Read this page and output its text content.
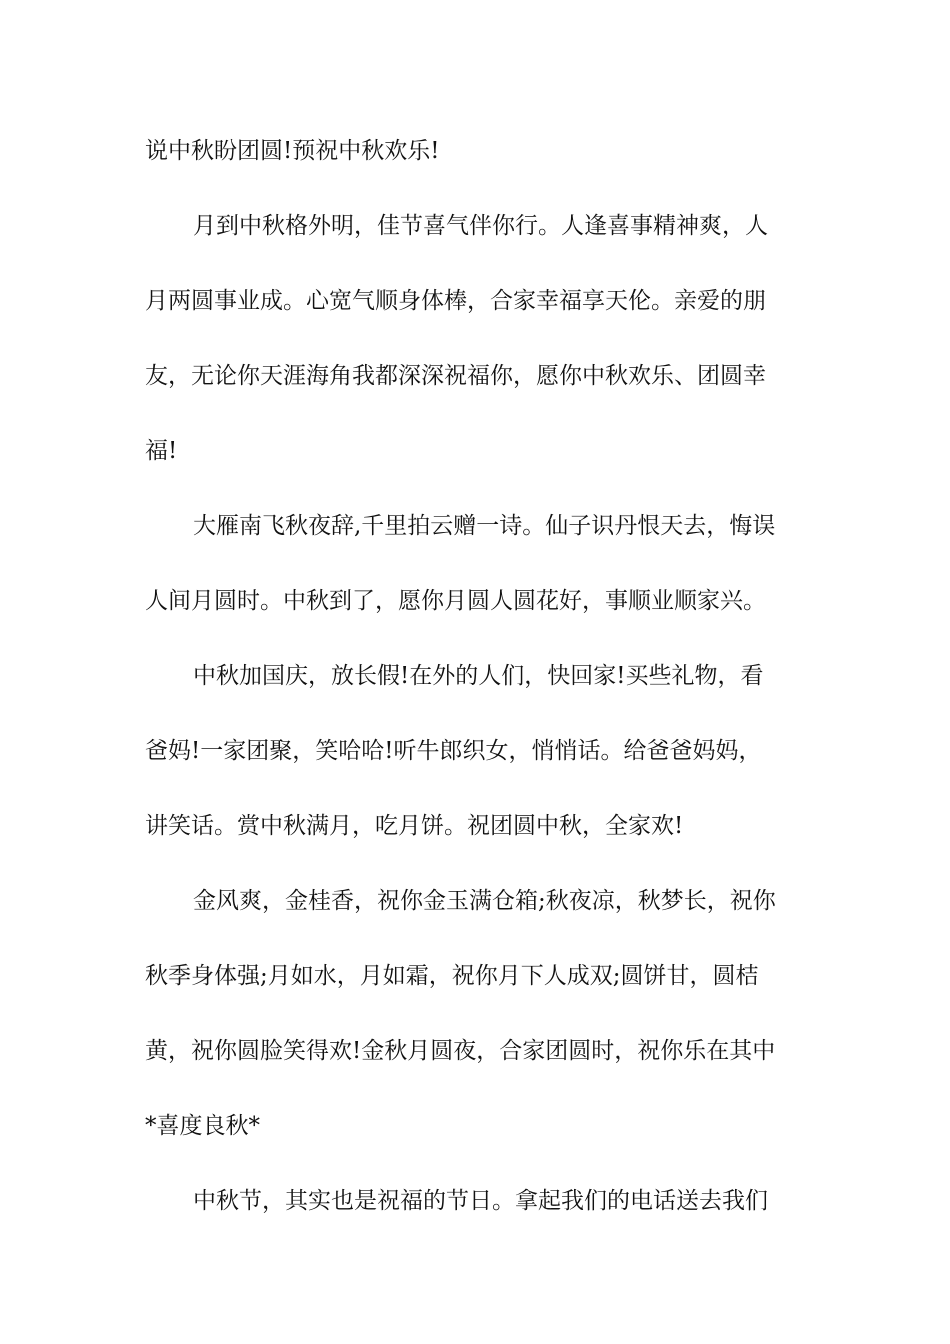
说中秋盼团圆!预祝中秋欢乐!
月到中秋格外明，佳节喜气伴你行。人逢喜事精神爽，人
月两圆事业成。心宽气顺身体棒，合家幸福享天伦。亲爱的朋
友，无论你天涯海角我都深深祝福你，愿你中秋欢乐、团圆幸
福!
大雁南飞秋夜辞,千里拍云赠一诗。仙子识丹恨天去，悔误
人间月圆时。中秋到了，愿你月圆人圆花好，事顺业顺家兴。
中秋加国庆，放长假!在外的人们，快回家!买些礼物，看
爸妈!一家团聚，笑哈哈!听牛郎织女，悄悄话。给爸爸妈妈，
讲笑话。赏中秋满月，吃月饼。祝团圆中秋，全家欢!
金风爽，金桂香，祝你金玉满仓箱;秋夜凉，秋梦长，祝你
秋季身体强;月如水，月如霜，祝你月下人成双;圆饼甘，圆桔
黄，祝你圆脸笑得欢!金秋月圆夜，合家团圆时，祝你乐在其中
*喜度良秋*
中秋节，其实也是祝福的节日。拿起我们的电话送去我们
